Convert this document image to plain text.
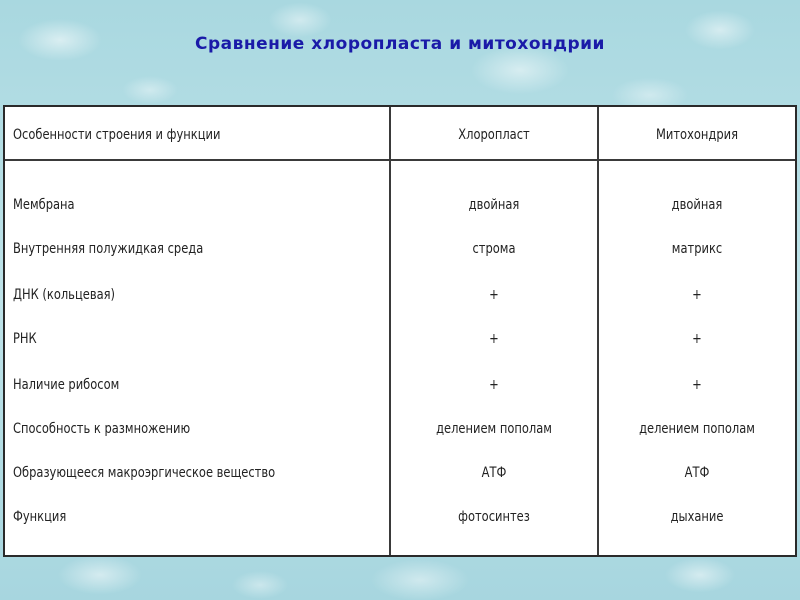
Сравнение хлоропласта и митохондрии
Особенности строения и функции	Хлоропласт	Митохондрия
Мембрана	двойная	двойная
Внутренняя полужидкая среда	строма	матрикс
ДНК (кольцевая)	+	+
РНК	+	+
Наличие рибосом	+	+
Способность к размножению	делением пополам	делением пополам
Образующееся макроэргическое вещество	АТФ	АТФ
Функция	фотосинтез	дыхание
